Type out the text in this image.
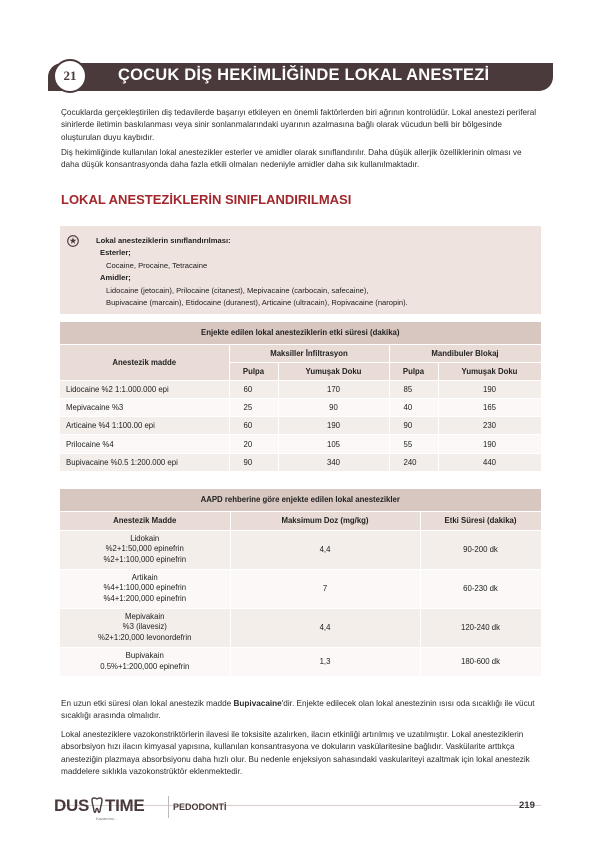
21	ÇOCUK DİŞ HEKİMLİĞİNDE LOKAL ANESTEZİ

Çocuklarda gerçekleştirilen diş tedavilerde başarıyı etkileyen en önemli faktörlerden biri ağrının kontrolüdür. Lokal anestezi periferal sinirlerde iletimin baskılanması veya sinir sonlanmalarındaki uyarının azalmasına bağlı olarak vücudun belli bir bölgesinde oluşturulan duyu kaybıdır.

Diş hekimliğinde kullanılan lokal anestezikler esterler ve amidler olarak sınıflandırılır. Daha düşük allerjik özelliklerinin olması ve daha düşük konsantrasyonda daha fazla etkili olmaları nedeniyle amidler daha sık kullanılmaktadır.

LOKAL ANESTEZİKLERİN SINIFLANDIRILMASI
Lokal anesteziklerin sınıflandırılması:
Esterler;
Cocaine, Procaine, Tetracaine
Amidler;
Lidocaine (jetocain), Prilocaine (citanest), Mepivacaine (carbocain, safecaine),
Bupivacaine (marcain), Etidocaine (duranest), Articaine (ultracain), Ropivacaine (naropin).
Enjekte edilen lokal anesteziklerin etki süresi (dakika)				
Anestezik madde	Maksiller İnfiltrasyon		Mandibuler Blokaj	
	Pulpa	Yumuşak Doku	Pulpa	Yumuşak Doku
Lidocaine %2 1:1.000.000 epi	60	170	85	190
Mepivacaine %3	25	90	40	165
Articaine %4 1:100.00 epi	60	190	90	230
Prilocaine %4	20	105	55	190
Bupivacaine %0.5 1:200.000 epi	90	340	240	440
AAPD rehberine göre enjekte edilen lokal anestezikler		
Anestezik Madde	Maksimum Doz (mg/kg)	Etki Süresi (dakika)

Lidokain
%2+1:50,000 epinefrin
%2+1:100,000 epinefrin	4,4	90-200 dk

Artikain
%4+1:100,000 epinefrin
%4+1:200,000 epinefrin	7	60-230 dk

Mepivakain
%3 (ilavesiz)
%2+1:20,000 levonordefrin	4,4	120-240 dk

Bupivakain
0.5%+1:200,000 epinefrin	1,3	180-600 dk

En uzun etki süresi olan lokal anestezik madde Bupivacaine'dir. Enjekte edilecek olan lokal anestezinin ısısı oda sıcaklığı ile vücut sıcaklığı arasında olmalıdır.

Lokal anesteziklere vazokonstriktörlerin ilavesi ile toksisite azalırken, ilacın etkinliği artırılmış ve uzatılmıştır. Lokal anesteziklerin absorbsiyon hızı ilacın kimyasal yapısına, kullanılan konsantrasyona ve dokuların vaskülaritesine bağlıdır. Vaskülarite arttıkça anesteziğin plazmaya absorbsiyonu daha hızlı olur. Bu nedenle enjeksiyon sahasındaki vaskulariteyi azaltmak için lokal anestezik maddelere sıklıkla vazokonstrüktör eklenmektedir.

DUS TIME
Kazandırır...
PEDODONTİ	219
